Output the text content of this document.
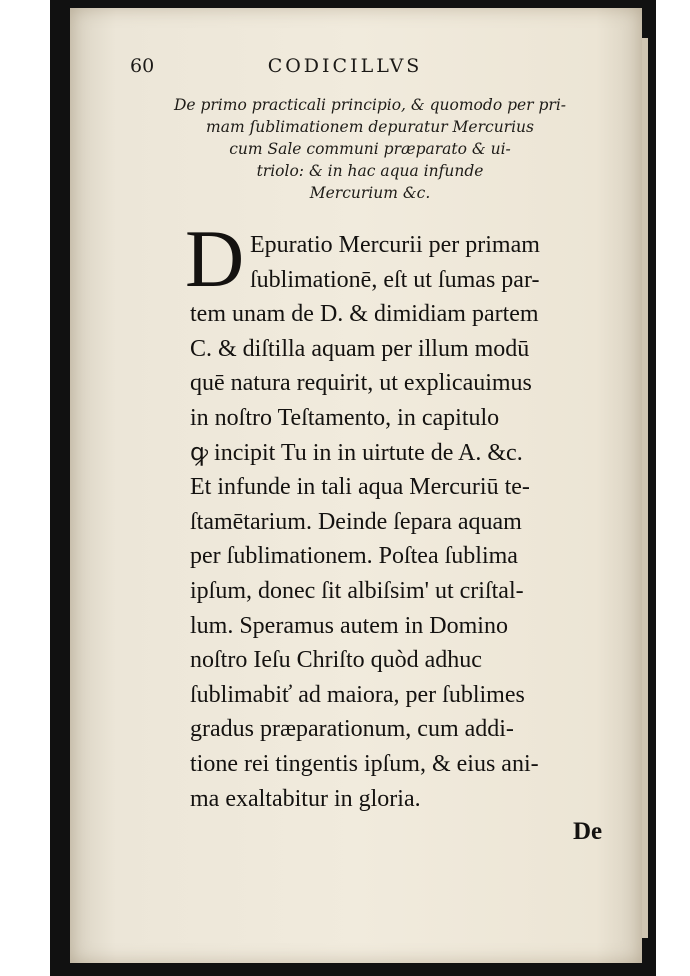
60	CODICILLVS
De primo practicali principio, & quomodo per pri-
mam ſublimationem depuratur Mercurius
cum Sale communi præparato & ui-
triolo: & in hac aqua infunde
Mercurium &c.
D Epuratio Mercurii per primam
ſublimationē, eſt ut ſumas par-
tem unam de D. & dimidiam partem
C. & diſtilla aquam per illum modū
quē natura requirit, ut explicauimus
in noſtro Teſtamento, in capitulo
ꝙ incipit Tu in in uirtute de A. &c.
Et infunde in tali aqua Mercuriū te-
ſtamētarium. Deinde ſepara aquam
per ſublimationem. Poſtea ſublima
ipſum, donec ſit albiſsim' ut criſtal-
lum. Speramus autem in Domino
noſtro Ieſu Chriſto quòd adhuc
ſublimabiť ad maiora, per ſublimes
gradus præparationum, cum addi-
tione rei tingentis ipſum, & eius ani-
ma exaltabitur in gloria.
De
